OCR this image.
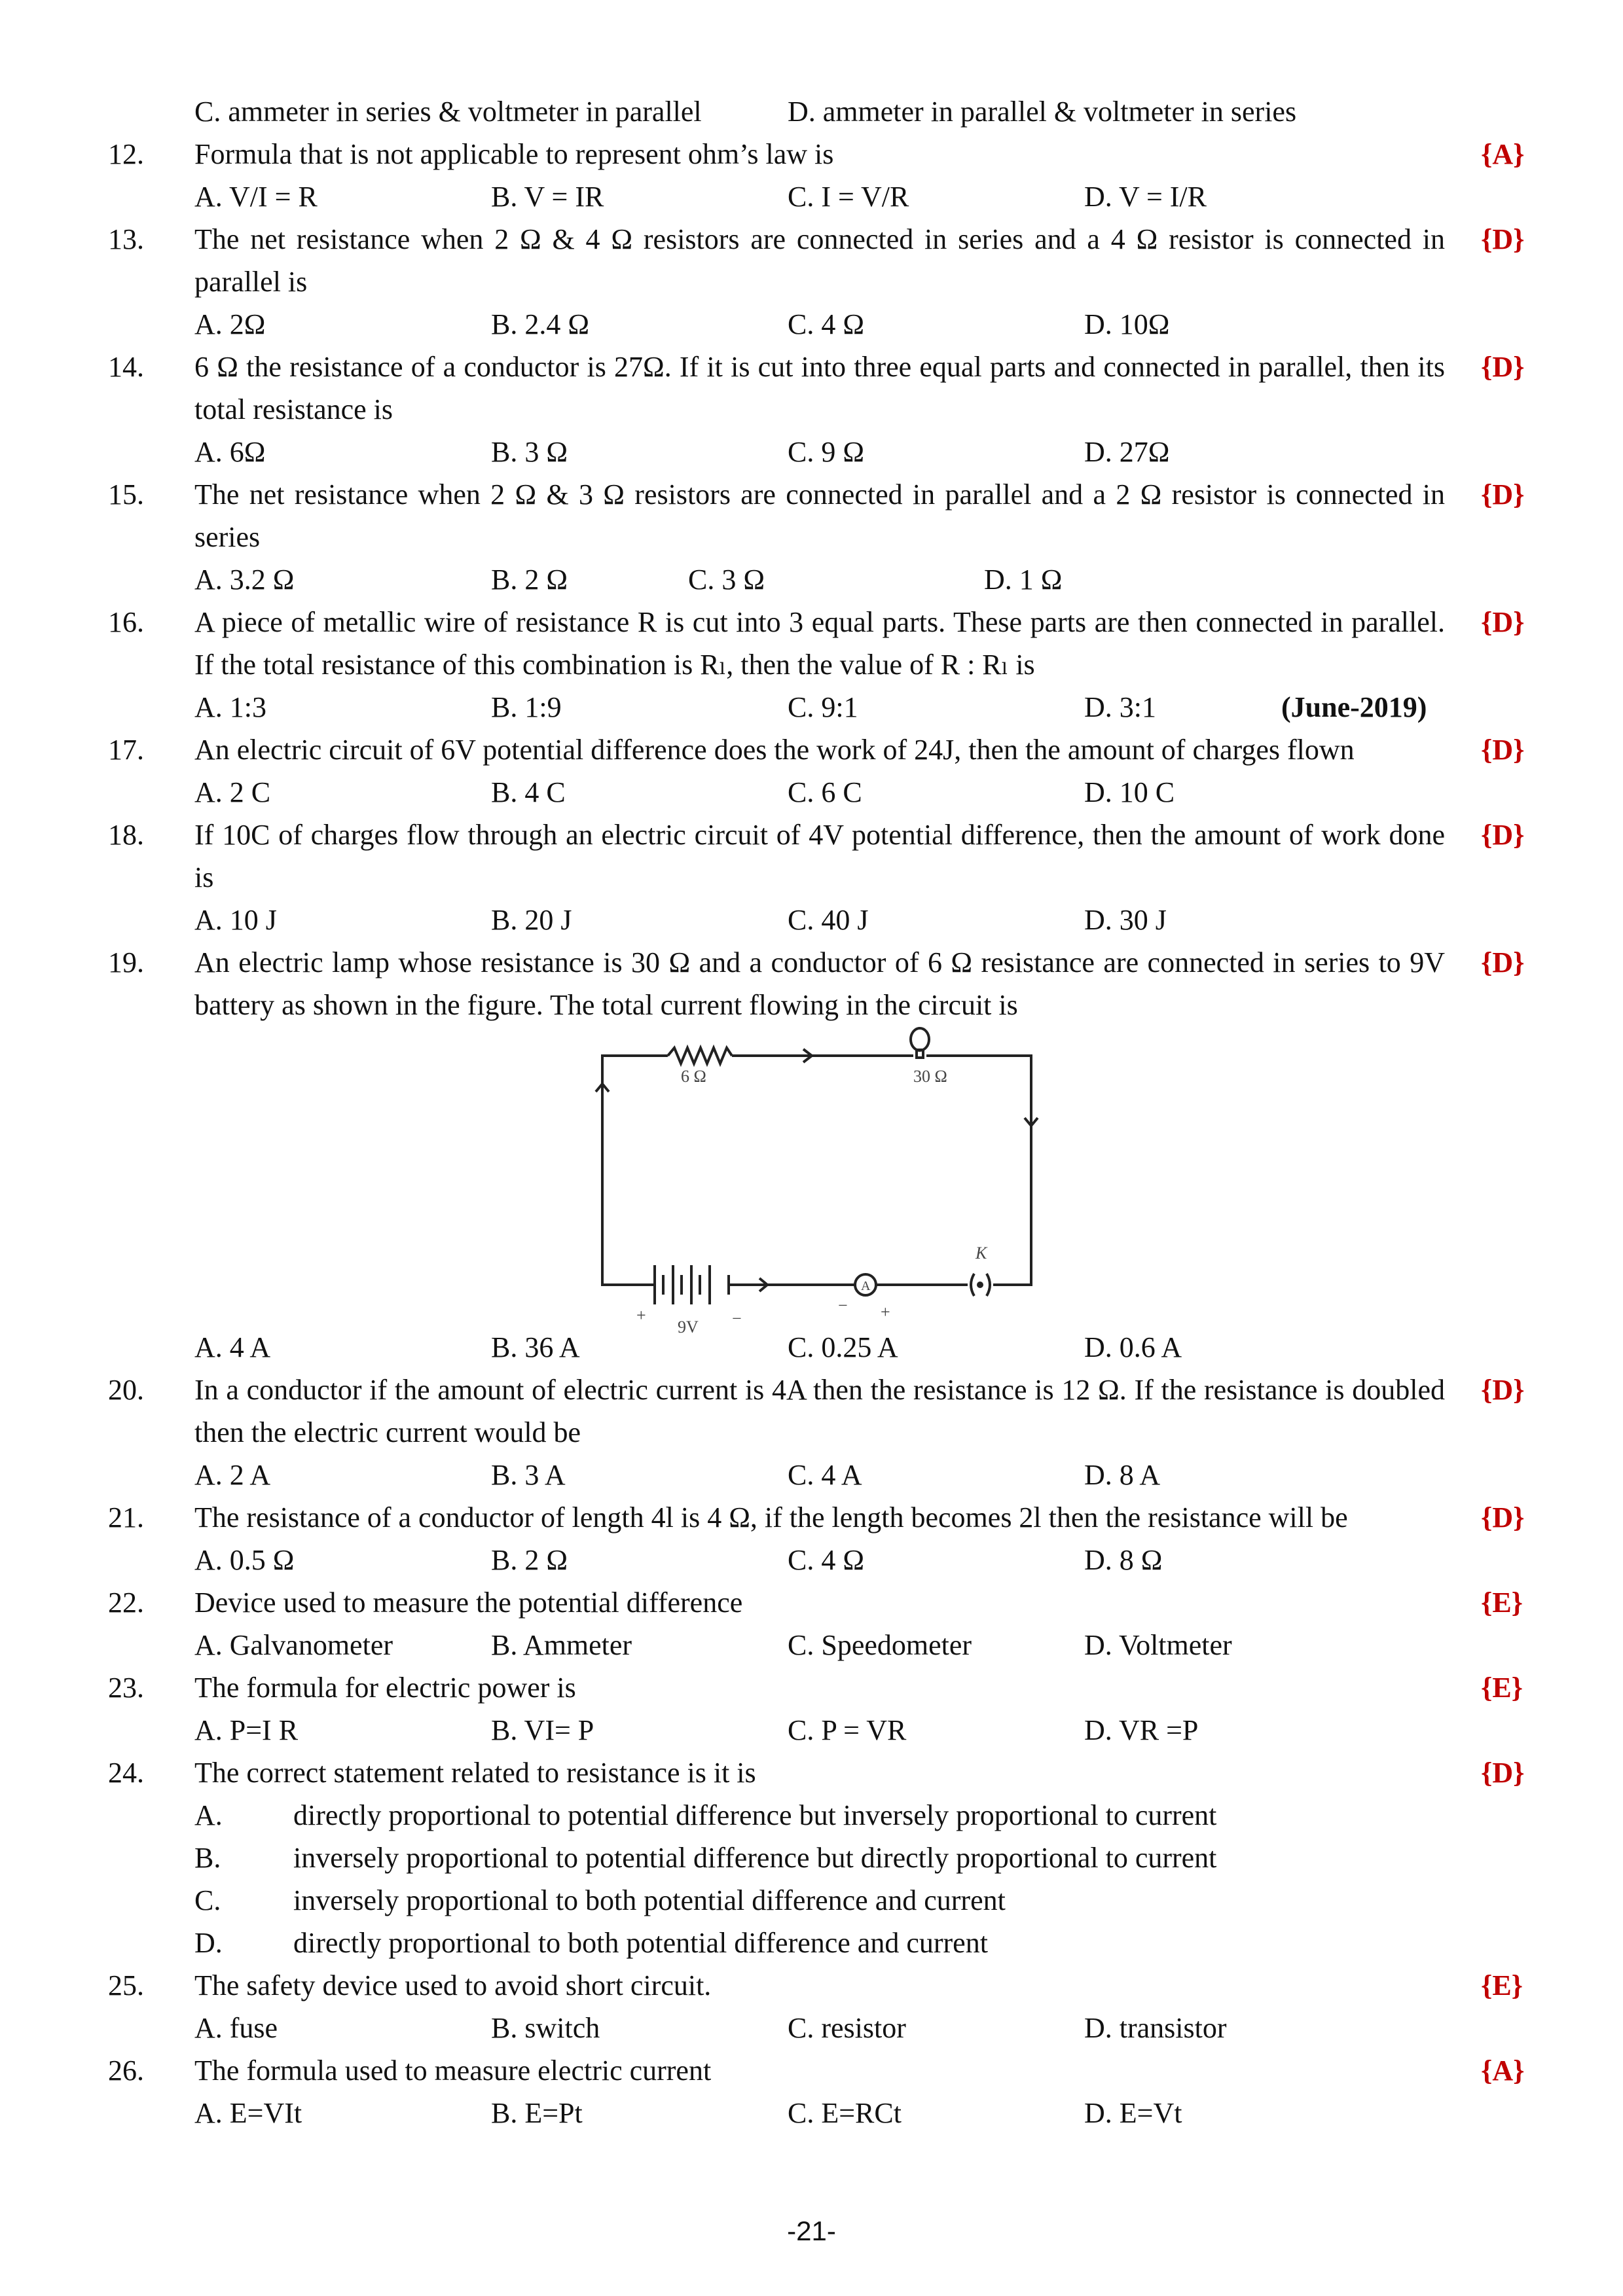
C. ammeter in series & voltmeter in parallel	D. ammeter in parallel & voltmeter in series
12. Formula that is not applicable to represent ohm’s law is	{A}
A. V/I = R	B. V = IR	C. I = V/R	D. V = I/R
13. The net resistance when 2 Ω & 4 Ω resistors are connected in series and a 4 Ω resistor is connected in parallel is
{D}
A. 2Ω	B. 2.4 Ω	C. 4 Ω	D. 10Ω
14. 6 Ω the resistance of a conductor is 27Ω. If it is cut into three equal parts and connected in parallel, then its total resistance is
{D}
A. 6Ω	B. 3 Ω	C. 9 Ω	D. 27Ω
15. The net resistance when 2 Ω & 3 Ω resistors are connected in parallel and a 2 Ω resistor is connected in series
{D}
A. 3.2 Ω	B. 2 Ω	C. 3 Ω	D. 1 Ω
16. A piece of metallic wire of resistance R is cut into 3 equal parts. These parts are then connected in parallel. If the total resistance of this combination is Rₗ, then the value of R : Rₗ is
{D}
A. 1:3	B. 1:9	C. 9:1	D. 3:1	(June-2019)
17. An electric circuit of 6V potential difference does the work of 24J, then the amount of charges flown	{D}
A. 2 C	B. 4 C	C. 6 C	D. 10 C
18. If 10C of charges flow through an electric circuit of 4V potential difference, then the amount of work done is
{D}
A. 10 J	B. 20 J	C. 40 J	D. 30 J
19. An electric lamp whose resistance is 30 Ω and a conductor of 6 Ω resistance are connected in series to 9V battery as shown in the figure. The total current flowing in the circuit is
{D}
6 Ω	30 Ω
9V
A
K
+	−
− +
A. 4 A	B. 36 A	C. 0.25 A	D. 0.6 A
20. In a conductor if the amount of electric current is 4A then the resistance is 12 Ω. If the resistance is doubled then the electric current would be
{D}
A. 2 A	B. 3 A	C. 4 A	D. 8 A
21. The resistance of a conductor of length 4l is 4 Ω, if the length becomes 2l then the resistance will be	{D}
A. 0.5 Ω	B. 2 Ω	C. 4 Ω	D. 8 Ω
22. Device used to measure the potential difference	{E}
A. Galvanometer	B. Ammeter	C. Speedometer	D. Voltmeter
23. The formula for electric power is	{E}
A. P=I R	B. VI= P	C. P = VR	D. VR =P
24. The correct statement related to resistance is it is	{D}
A. directly proportional to potential difference but inversely proportional to current
B.	inversely proportional to potential difference but directly proportional to current
C.	inversely proportional to both potential difference and current
D. directly proportional to both potential difference and current
25. The safety device used to avoid short circuit.	{E}
A. fuse	B. switch	C. resistor	D. transistor
26. The formula used to measure electric current	{A}
A. E=VIt	B. E=Pt	C. E=RCt	D. E=Vt
-21-
